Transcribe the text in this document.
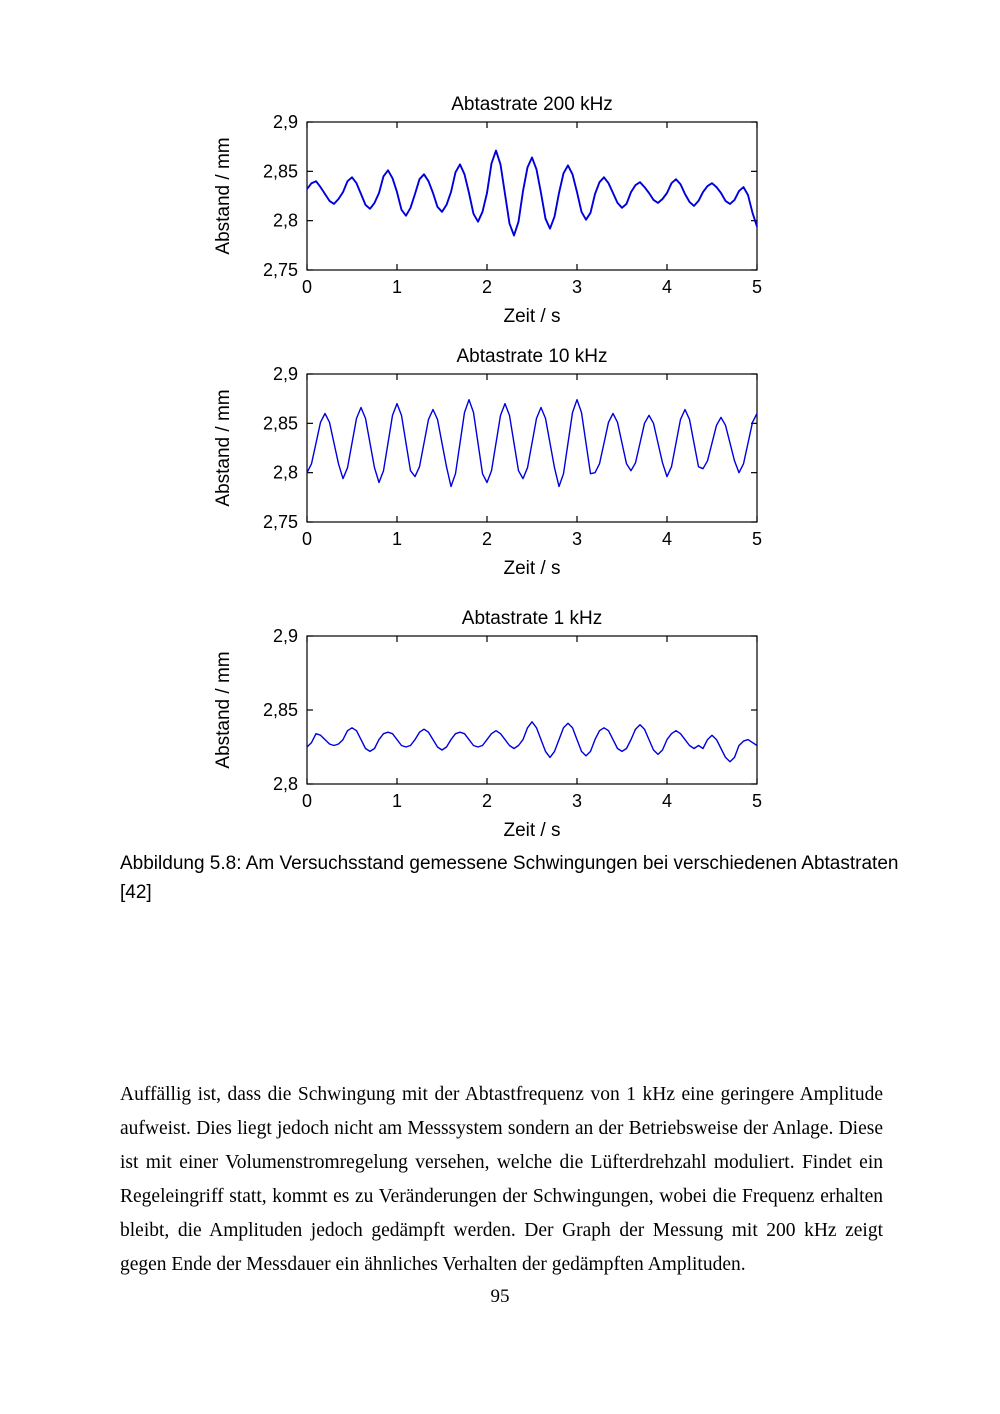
Abtastrate 200 kHz
0	1	2	3	4	5
2,75
2,8
2,85
2,9
Zeit / s
Abstand / mm
Abtastrate 10 kHz
0	1	2	3	4	5
2,75
2,8
2,85
2,9
Zeit / s
Abstand / mm
Abtastrate 1 kHz
0	1	2	3	4	5
2,8
2,85
2,9
Zeit / s
Abstand / mm

Abbildung 5.8: Am Versuchsstand gemessene Schwingungen bei verschiedenen Abtastraten [42]

Auffällig ist, dass die Schwingung mit der Abtastfrequenz von 1 kHz eine geringere Amplitude aufweist. Dies liegt jedoch nicht am Messsystem sondern an der Betriebsweise der Anlage. Diese ist mit einer Volumenstromregelung versehen, welche die Lüfterdrehzahl moduliert. Findet ein Regeleingriff statt, kommt es zu Veränderungen der Schwingungen, wobei die Frequenz erhalten bleibt, die Amplituden jedoch gedämpft werden. Der Graph der Messung mit 200 kHz zeigt gegen Ende der Messdauer ein ähnliches Verhalten der gedämpften Amplituden.

95
